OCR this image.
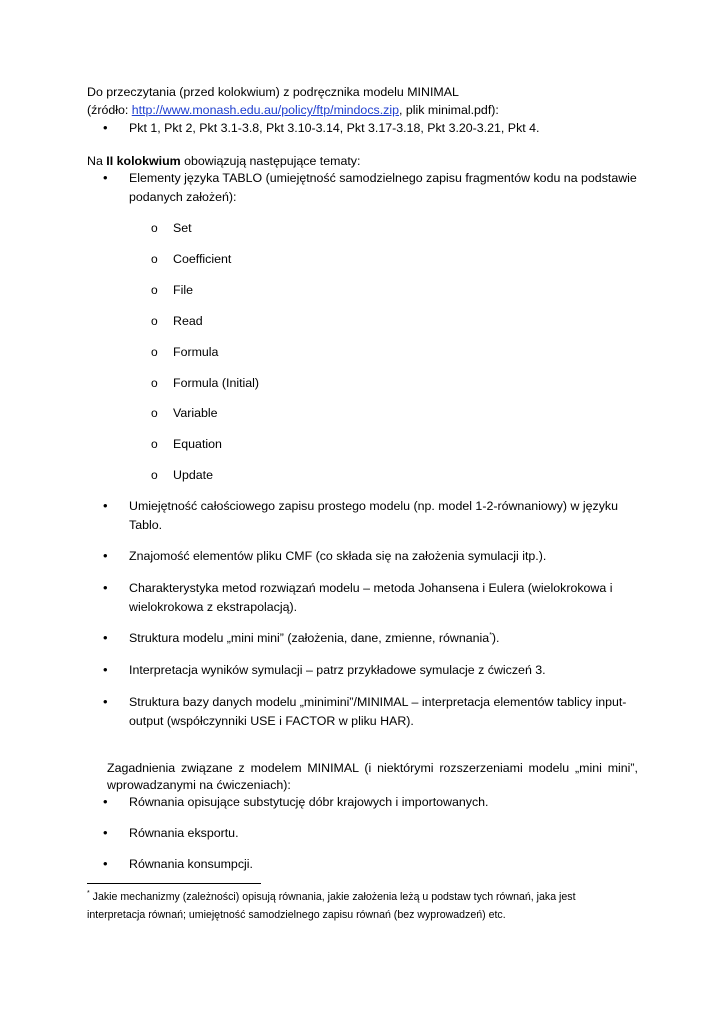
Do przeczytania (przed kolokwium) z podręcznika modelu MINIMAL
(źródło: http://www.monash.edu.au/policy/ftp/mindocs.zip, plik minimal.pdf):
• Pkt 1, Pkt 2, Pkt 3.1-3.8, Pkt 3.10-3.14, Pkt 3.17-3.18, Pkt 3.20-3.21, Pkt 4.
Na II kolokwium obowiązują następujące tematy:
• Elementy języka TABLO (umiejętność samodzielnego zapisu fragmentów kodu na podstawie
podanych założeń):
o Set
o Coefficient
o File
o Read
o Formula
o Formula (Initial)
o Variable
o Equation
o Update
• Umiejętność całościowego zapisu prostego modelu (np. model 1-2-równaniowy) w języku
Tablo.
• Znajomość elementów pliku CMF (co składa się na założenia symulacji itp.).
• Charakterystyka metod rozwiązań modelu – metoda Johansena i Eulera (wielokrokowa i
wielokrokowa z ekstrapolacją).
• Struktura modelu „mini mini” (założenia, dane, zmienne, równania*).
• Interpretacja wyników symulacji – patrz przykładowe symulacje z ćwiczeń 3.
• Struktura bazy danych modelu „minimini”/MINIMAL – interpretacja elementów tablicy input-
output (współczynniki USE i FACTOR w pliku HAR).
Zagadnienia związane z modelem MINIMAL (i niektórymi rozszerzeniami modelu „mini mini”,
wprowadzanymi na ćwiczeniach):
• Równania opisujące substytucję dóbr krajowych i importowanych.
• Równania eksportu.
• Równania konsumpcji.
* Jakie mechanizmy (zależności) opisują równania, jakie założenia leżą u podstaw tych równań, jaka jest
interpretacja równań; umiejętność samodzielnego zapisu równań (bez wyprowadzeń) etc.
